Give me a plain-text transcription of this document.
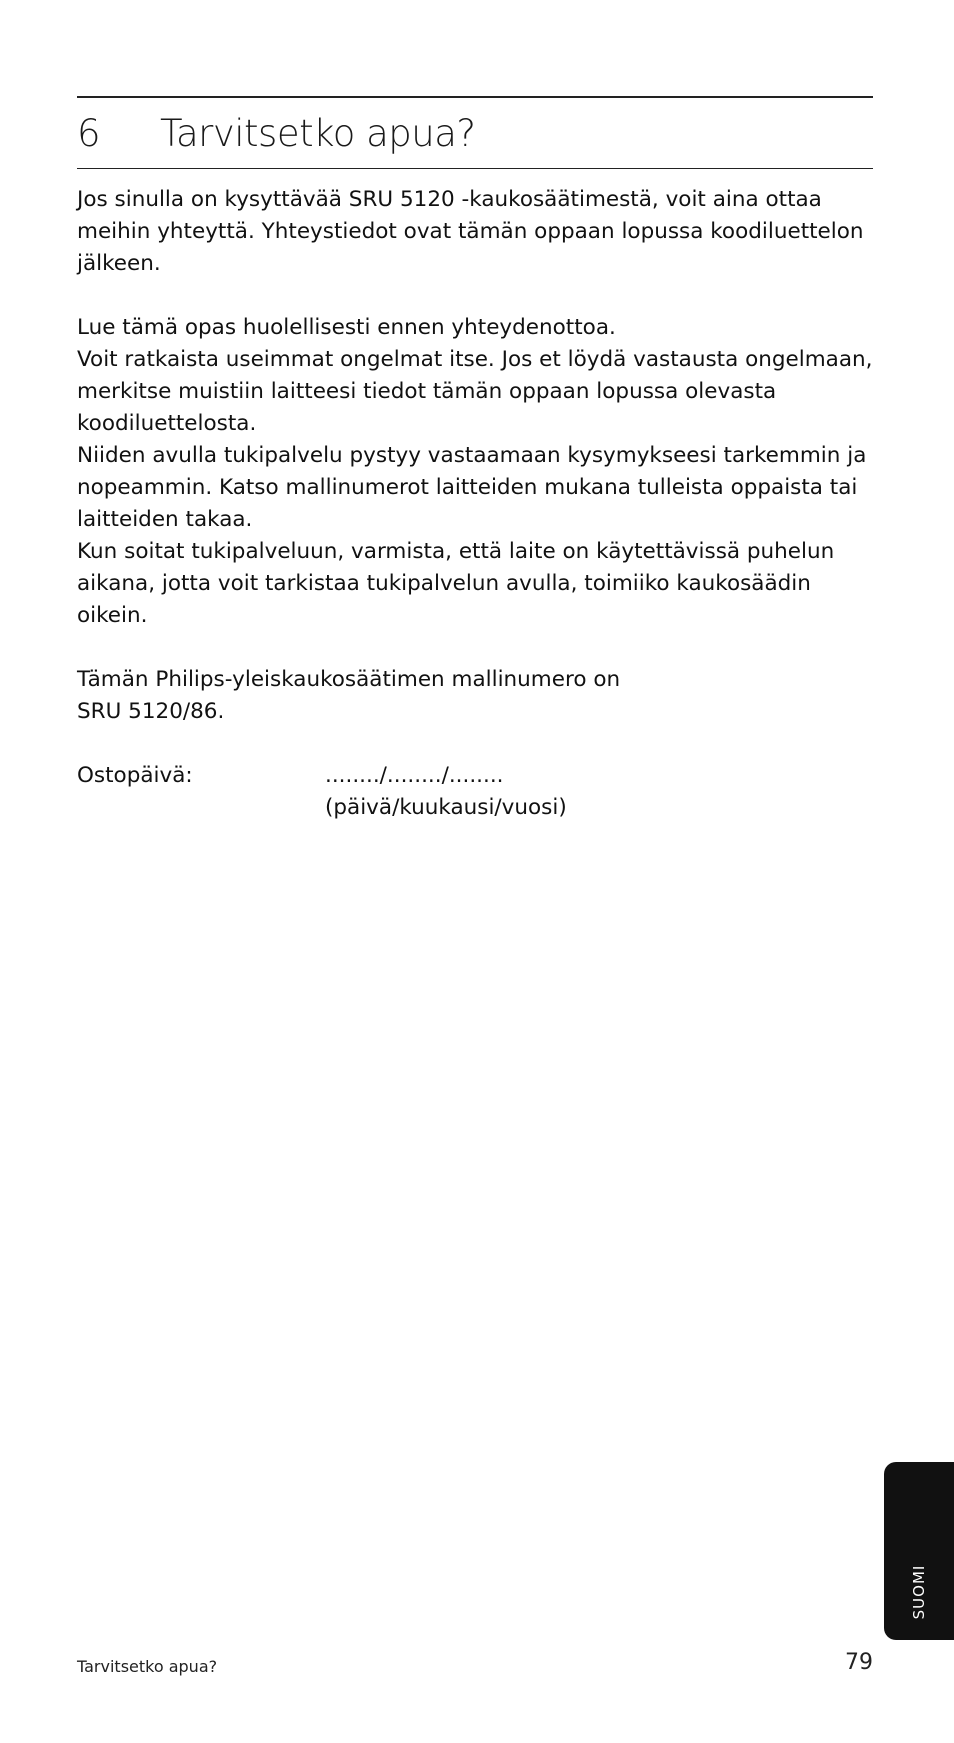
6 Tarvitsetko apua?

Jos sinulla on kysyttävää SRU 5120 -kaukosäätimestä, voit aina ottaa
meihin yhteyttä. Yhteystiedot ovat tämän oppaan lopussa koodiluettelon
jälkeen.

Lue tämä opas huolellisesti ennen yhteydenottoa.
Voit ratkaista useimmat ongelmat itse. Jos et löydä vastausta ongelmaan,
merkitse muistiin laitteesi tiedot tämän oppaan lopussa olevasta
koodiluettelosta.
Niiden avulla tukipalvelu pystyy vastaamaan kysymykseesi tarkemmin ja
nopeammin. Katso mallinumerot laitteiden mukana tulleista oppaista tai
laitteiden takaa.
Kun soitat tukipalveluun, varmista, että laite on käytettävissä puhelun
aikana, jotta voit tarkistaa tukipalvelun avulla, toimiiko kaukosäädin oikein.

Tämän Philips-yleiskaukosäätimen mallinumero on
SRU 5120/86.

Ostopäivä:	......../......../........
(päivä/kuukausi/vuosi)
SUOMI
Tarvitsetko apua?	79
